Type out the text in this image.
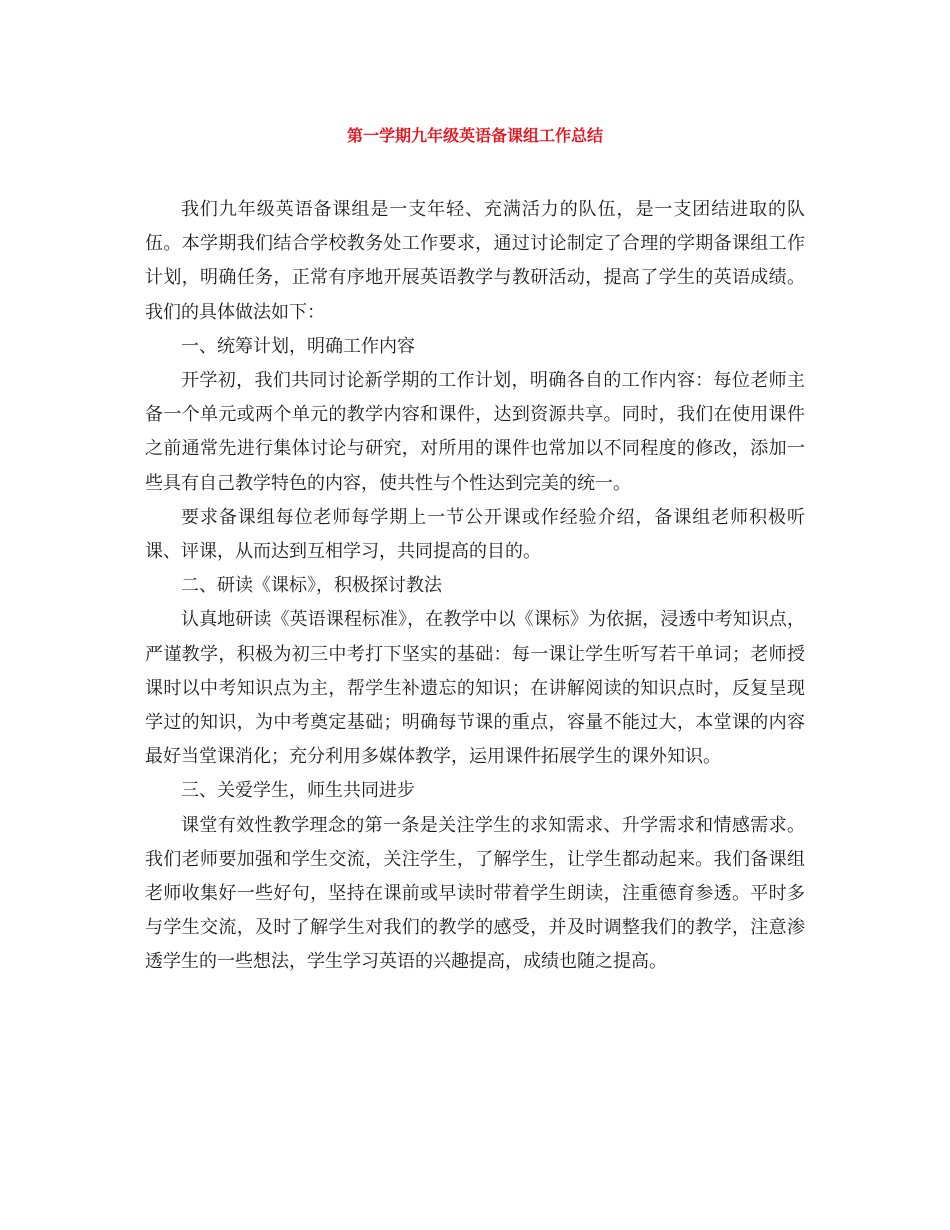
第一学期九年级英语备课组工作总结

我们九年级英语备课组是一支年轻、充满活力的队伍，是一支团结进取的队伍。本学期我们结合学校教务处工作要求，通过讨论制定了合理的学期备课组工作计划，明确任务，正常有序地开展英语教学与教研活动，提高了学生的英语成绩。我们的具体做法如下：

一、统筹计划，明确工作内容

开学初，我们共同讨论新学期的工作计划，明确各自的工作内容：每位老师主备一个单元或两个单元的教学内容和课件，达到资源共享。同时，我们在使用课件之前通常先进行集体讨论与研究，对所用的课件也常加以不同程度的修改，添加一些具有自己教学特色的内容，使共性与个性达到完美的统一。

要求备课组每位老师每学期上一节公开课或作经验介绍，备课组老师积极听课、评课，从而达到互相学习，共同提高的目的。

二、研读《课标》，积极探讨教法

认真地研读《英语课程标准》，在教学中以《课标》为依据，浸透中考知识点，严谨教学，积极为初三中考打下坚实的基础：每一课让学生听写若干单词；老师授课时以中考知识点为主，帮学生补遗忘的知识；在讲解阅读的知识点时，反复呈现学过的知识，为中考奠定基础；明确每节课的重点，容量不能过大，本堂课的内容最好当堂课消化；充分利用多媒体教学，运用课件拓展学生的课外知识。

三、关爱学生，师生共同进步

课堂有效性教学理念的第一条是关注学生的求知需求、升学需求和情感需求。我们老师要加强和学生交流，关注学生，了解学生，让学生都动起来。我们备课组老师收集好一些好句，坚持在课前或早读时带着学生朗读，注重德育参透。平时多与学生交流，及时了解学生对我们的教学的感受，并及时调整我们的教学，注意渗透学生的一些想法，学生学习英语的兴趣提高，成绩也随之提高。
